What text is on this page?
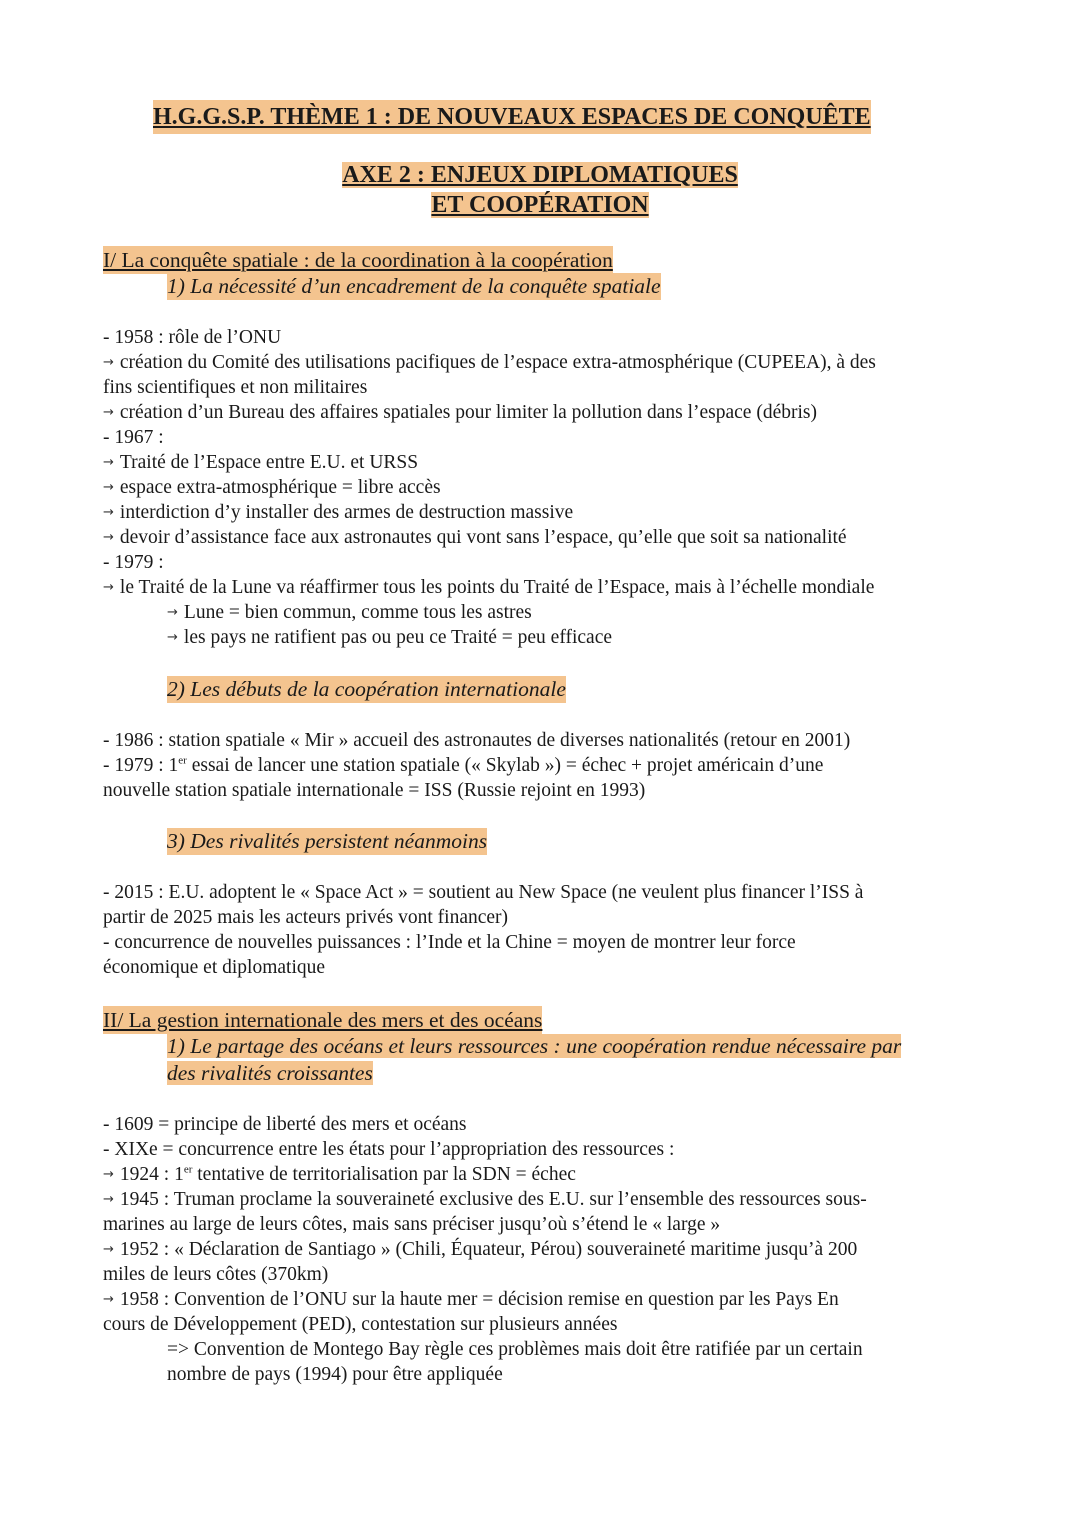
H.G.G.S.P. THÈME 1 : DE NOUVEAUX ESPACES DE CONQUÊTE
AXE 2 : ENJEUX DIPLOMATIQUES
ET COOPÉRATION
I/ La conquête spatiale : de la coordination à la coopération
1) La nécessité d’un encadrement de la conquête spatiale
- 1958 : rôle de l’ONU
→ création du Comité des utilisations pacifiques de l’espace extra-atmosphérique (CUPEEA), à des
fins scientifiques et non militaires
→ création d’un Bureau des affaires spatiales pour limiter la pollution dans l’espace (débris)
- 1967 :
→ Traité de l’Espace entre E.U. et URSS
→ espace extra-atmosphérique = libre accès
→ interdiction d’y installer des armes de destruction massive
→ devoir d’assistance face aux astronautes qui vont sans l’espace, qu’elle que soit sa nationalité
- 1979 :
→ le Traité de la Lune va réaffirmer tous les points du Traité de l’Espace, mais à l’échelle mondiale
→ Lune = bien commun, comme tous les astres
→ les pays ne ratifient pas ou peu ce Traité = peu efficace
2) Les débuts de la coopération internationale
- 1986 : station spatiale « Mir » accueil des astronautes de diverses nationalités (retour en 2001)
- 1979 : 1er essai de lancer une station spatiale (« Skylab ») = échec + projet américain d’une
nouvelle station spatiale internationale = ISS (Russie rejoint en 1993)
3) Des rivalités persistent néanmoins
- 2015 : E.U. adoptent le « Space Act » = soutient au New Space (ne veulent plus financer l’ISS à
partir de 2025 mais les acteurs privés vont financer)
- concurrence de nouvelles puissances : l’Inde et la Chine = moyen de montrer leur force
économique et diplomatique
II/ La gestion internationale des mers et des océans
1) Le partage des océans et leurs ressources : une coopération rendue nécessaire par
des rivalités croissantes
- 1609 = principe de liberté des mers et océans
- XIXe = concurrence entre les états pour l’appropriation des ressources :
→ 1924 : 1er tentative de territorialisation par la SDN = échec
→ 1945 : Truman proclame la souveraineté exclusive des E.U. sur l’ensemble des ressources sous-
marines au large de leurs côtes, mais sans préciser jusqu’où s’étend le « large »
→ 1952 : « Déclaration de Santiago » (Chili, Équateur, Pérou) souveraineté maritime jusqu’à 200
miles de leurs côtes (370km)
→ 1958 : Convention de l’ONU sur la haute mer = décision remise en question par les Pays En
cours de Développement (PED), contestation sur plusieurs années
=> Convention de Montego Bay règle ces problèmes mais doit être ratifiée par un certain
nombre de pays (1994) pour être appliquée
